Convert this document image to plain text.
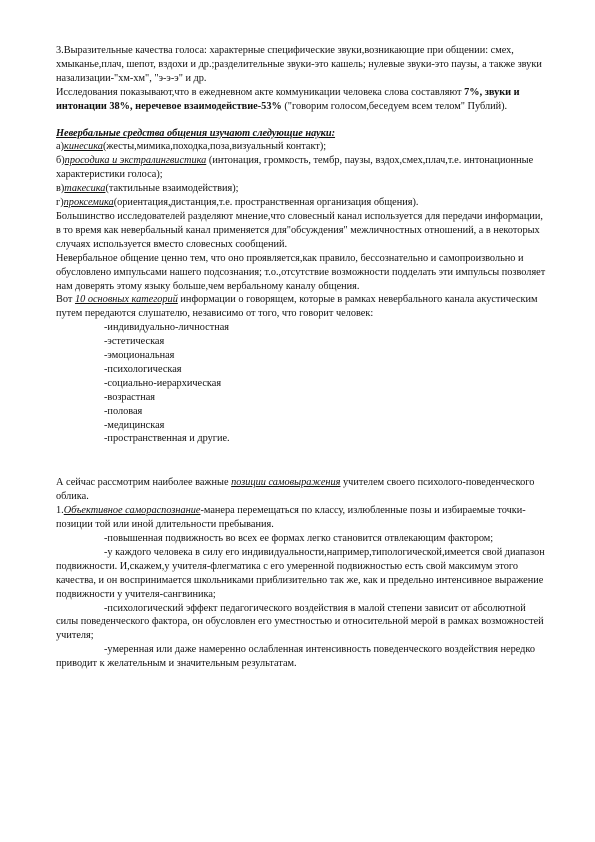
3.Выразительные качества голоса: характерные специфические звуки,возникающие при общении: смех, хмыканье,плач, шепот, вздохи и др.;разделительные звуки-это кашель; нулевые звуки-это паузы, а также звуки назализации-"хм-хм", "э-э-э" и др.

Исследования показывают,что в ежедневном акте коммуникации человека слова составляют 7%, звуки и интонации 38%, неречевое взаимодействие-53% ("говорим голосом,беседуем всем телом" Публий).

Невербальные средства общения изучают следующие науки:

а)кинесика(жесты,мимика,походка,поза,визуальный контакт);

б)просодика и экстралингвистика (интонация, громкость, тембр, паузы, вздох,смех,плач,т.е. интонационные характеристики голоса);

в)такесика(тактильные взаимодействия);

г)проксемика(ориентация,дистанция,т.е. пространственная организация общения).

Большинство исследователей разделяют мнение,что словесный канал используется для передачи информации, в то время как невербальный канал применяется для"обсуждения" межличностных отношений, а в некоторых случаях используется вместо словесных сообщений.

Невербальное общение ценно тем, что оно проявляется,как правило, бессознательно и самопроизвольно и обусловлено импульсами нашего подсознания; т.о.,отсутствие возможности подделать эти импульсы позволяет нам доверять этому языку больше,чем вербальному каналу общения.

Вот 10 основных категорий информации о говорящем, которые в рамках невербального канала акустическим путем передаются слушателю, независимо от того, что говорит человек:

-индивидуально-личностная
-эстетическая
-эмоциональная
-психологическая
-социально-иерархическая
-возрастная
-половая
-медицинская
-пространственная и другие.

А сейчас рассмотрим наиболее важные позиции самовыражения учителем своего психолого-поведенческого облика.

1.Объективное самораспознание-манера перемещаться по классу, излюбленные позы и избираемые точки-позиции той или иной длительности пребывания.

-повышенная подвижность во всех ее формах легко становится отвлекающим фактором;

-у каждого человека в силу его индивидуальности,например,типологической,имеется свой диапазон подвижности. И,скажем,у учителя-флегматика с его умеренной подвижностью есть свой максимум этого качества, и он воспринимается школьниками приблизительно так же, как и предельно интенсивное выражение подвижности у учителя-сангвиника;

-психологический эффект педагогического воздействия в малой степени зависит от абсолютной силы поведенческого фактора, он обусловлен его уместностью и относительной мерой в рамках возможностей учителя;

-умеренная или даже намеренно ослабленная интенсивность поведенческого воздействия нередко приводит к желательным и значительным результатам.
